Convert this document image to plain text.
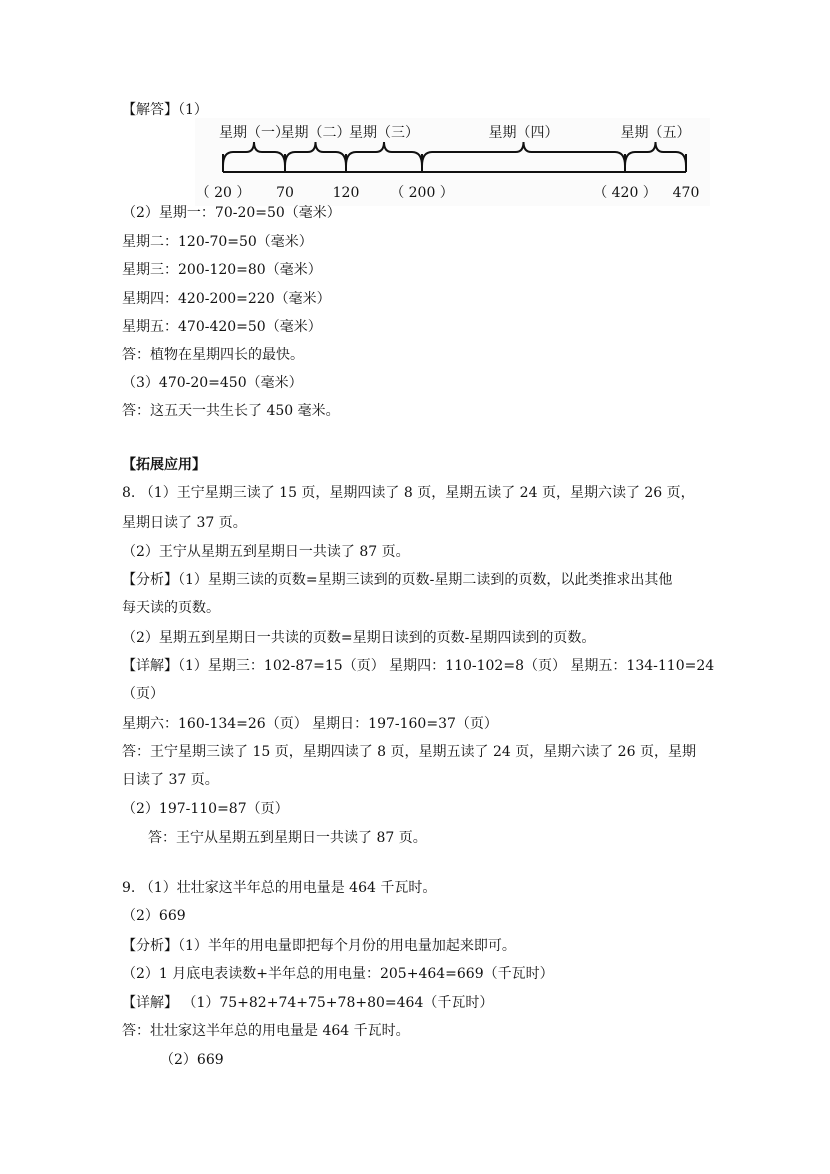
【解答】（1）
星期（一）
星期（二）
星期（三）	星期（四）	星期（五）
（ 20 ） 70	120 （ 200 ）	（ 420 ） 470
（2）星期一：70-20=50（毫米）
星期二：120-70=50（毫米）
星期三：200-120=80（毫米）
星期四：420-200=220（毫米）
星期五：470-420=50（毫米）
答：植物在星期四长的最快。
（3）470-20=450（毫米）
答：这五天一共生长了 450 毫米。
【拓展应用】
8. （1）王宁星期三读了 15 页，星期四读了 8 页，星期五读了 24 页，星期六读了 26 页，
星期日读了 37 页。
（2）王宁从星期五到星期日一共读了 87 页。
【分析】（1）星期三读的页数=星期三读到的页数-星期二读到的页数，以此类推求出其他
每天读的页数。
（2）星期五到星期日一共读的页数=星期日读到的页数-星期四读到的页数。
【详解】（1）星期三：102-87=15（页） 星期四：110-102=8（页） 星期五：134-110=24
（页）
星期六：160-134=26（页） 星期日：197-160=37（页）
答：王宁星期三读了 15 页，星期四读了 8 页，星期五读了 24 页，星期六读了 26 页，星期
日读了 37 页。
（2）197-110=87（页）
答：王宁从星期五到星期日一共读了 87 页。
9. （1）壮壮家这半年总的用电量是 464 千瓦时。
（2）669
【分析】（1）半年的用电量即把每个月份的用电量加起来即可。
（2）1 月底电表读数+半年总的用电量：205+464=669（千瓦时）
【详解】 （1）75+82+74+75+78+80=464（千瓦时）
答：壮壮家这半年总的用电量是 464 千瓦时。
（2）669
